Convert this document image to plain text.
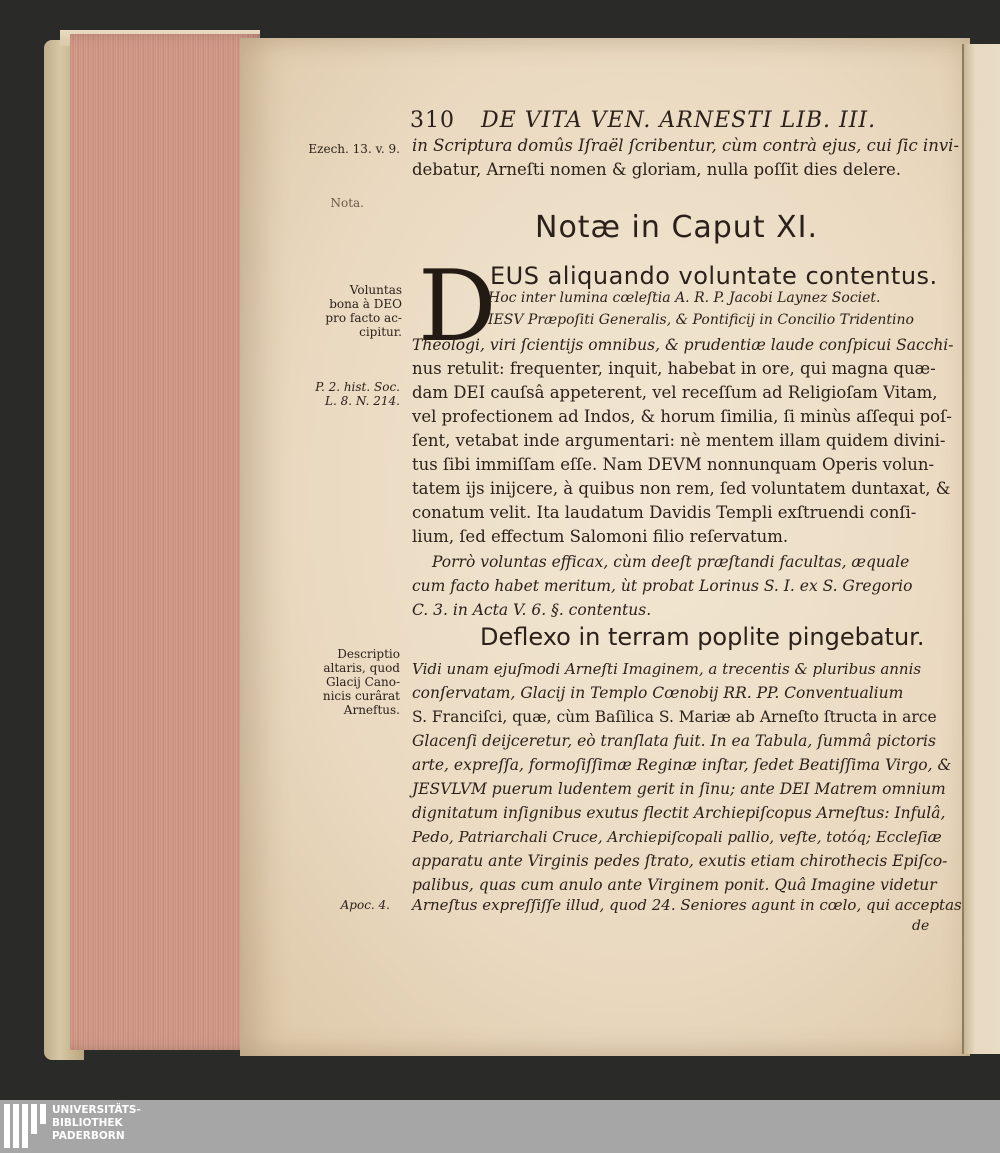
310 DE VITA VEN. ARNESTI LIB. III.
Ezech. 13. v. 9. in Scriptura domûs Iſraël ſcribentur, cùm contrà ejus, cui ſic invi-
debatur, Arneſti nomen & gloriam, nulla poſſit dies delere.
Nota.
Notæ in Caput XI.
D
EUS aliquando voluntate contentus.
Voluntas
bona à DEO
pro facto ac-
cipitur.
Hoc inter lumina cœleſtia A. R. P. Jacobi Laynez Societ.
IESV Præpoſiti Generalis, & Pontificij in Concilio Tridentino
Theologi, viri ſcientijs omnibus, & prudentiæ laude conſpicui Sacchi-
nus retulit: frequenter, inquit, habebat in ore, qui magna quæ-
P. 2. hist. Soc.
L. 8. N. 214. dam DEI cauſsâ appeterent, vel receſſum ad Religioſam Vitam,
vel profectionem ad Indos, & horum ſimilia, ſi minùs aſſequi poſ-
ſent, vetabat inde argumentari: nè mentem illam quidem divini-
tus ſibi immiſſam eſſe. Nam DEVM nonnunquam Operis volun-
tatem ijs inijcere, à quibus non rem, ſed voluntatem duntaxat, &
conatum velit. Ita laudatum Davidis Templi exſtruendi conſi-
lium, ſed effectum Salomoni filio reſervatum.
Porrò voluntas efficax, cùm deeſt præſtandi facultas, æquale
cum facto habet meritum, ùt probat Lorinus S. I. ex S. Gregorio
C. 3. in Acta V. 6. §. contentus.
Deflexo in terram poplite pingebatur.
Descriptio
altaris, quod
Glacij Cano-
nicis curârat
Arneftus.
Vidi unam ejuſmodi Arneſti Imaginem, a trecentis & pluribus annis
conſervatam, Glacij in Templo Cœnobij RR. PP. Conventualium
S. Franciſci, quæ, cùm Baſilica S. Mariæ ab Arneſto ſtructa in arce
Glacenſi deijceretur, eò tranſlata fuit. In ea Tabula, ſummâ pictoris
arte, expreſſa, formoſiſſimæ Reginæ inſtar, ſedet Beatiſſima Virgo, &
JESVLVM puerum ludentem gerit in ſinu; ante DEI Matrem omnium
dignitatum inſignibus exutus flectit Archiepiſcopus Arneſtus: Infulâ,
Pedo, Patriarchali Cruce, Archiepiſcopali pallio, veſte, totóq; Eccleſiæ
apparatu ante Virginis pedes ſtrato, exutis etiam chirothecis Epiſco-
palibus, quas cum anulo ante Virginem ponit. Quâ Imagine videtur
Apoc. 4. Arneſtus expreſſiſſe illud, quod 24. Seniores agunt in cœlo, qui acceptas
de
UNIVERSITÄTS-
BIBLIOTHEK
PADERBORN
